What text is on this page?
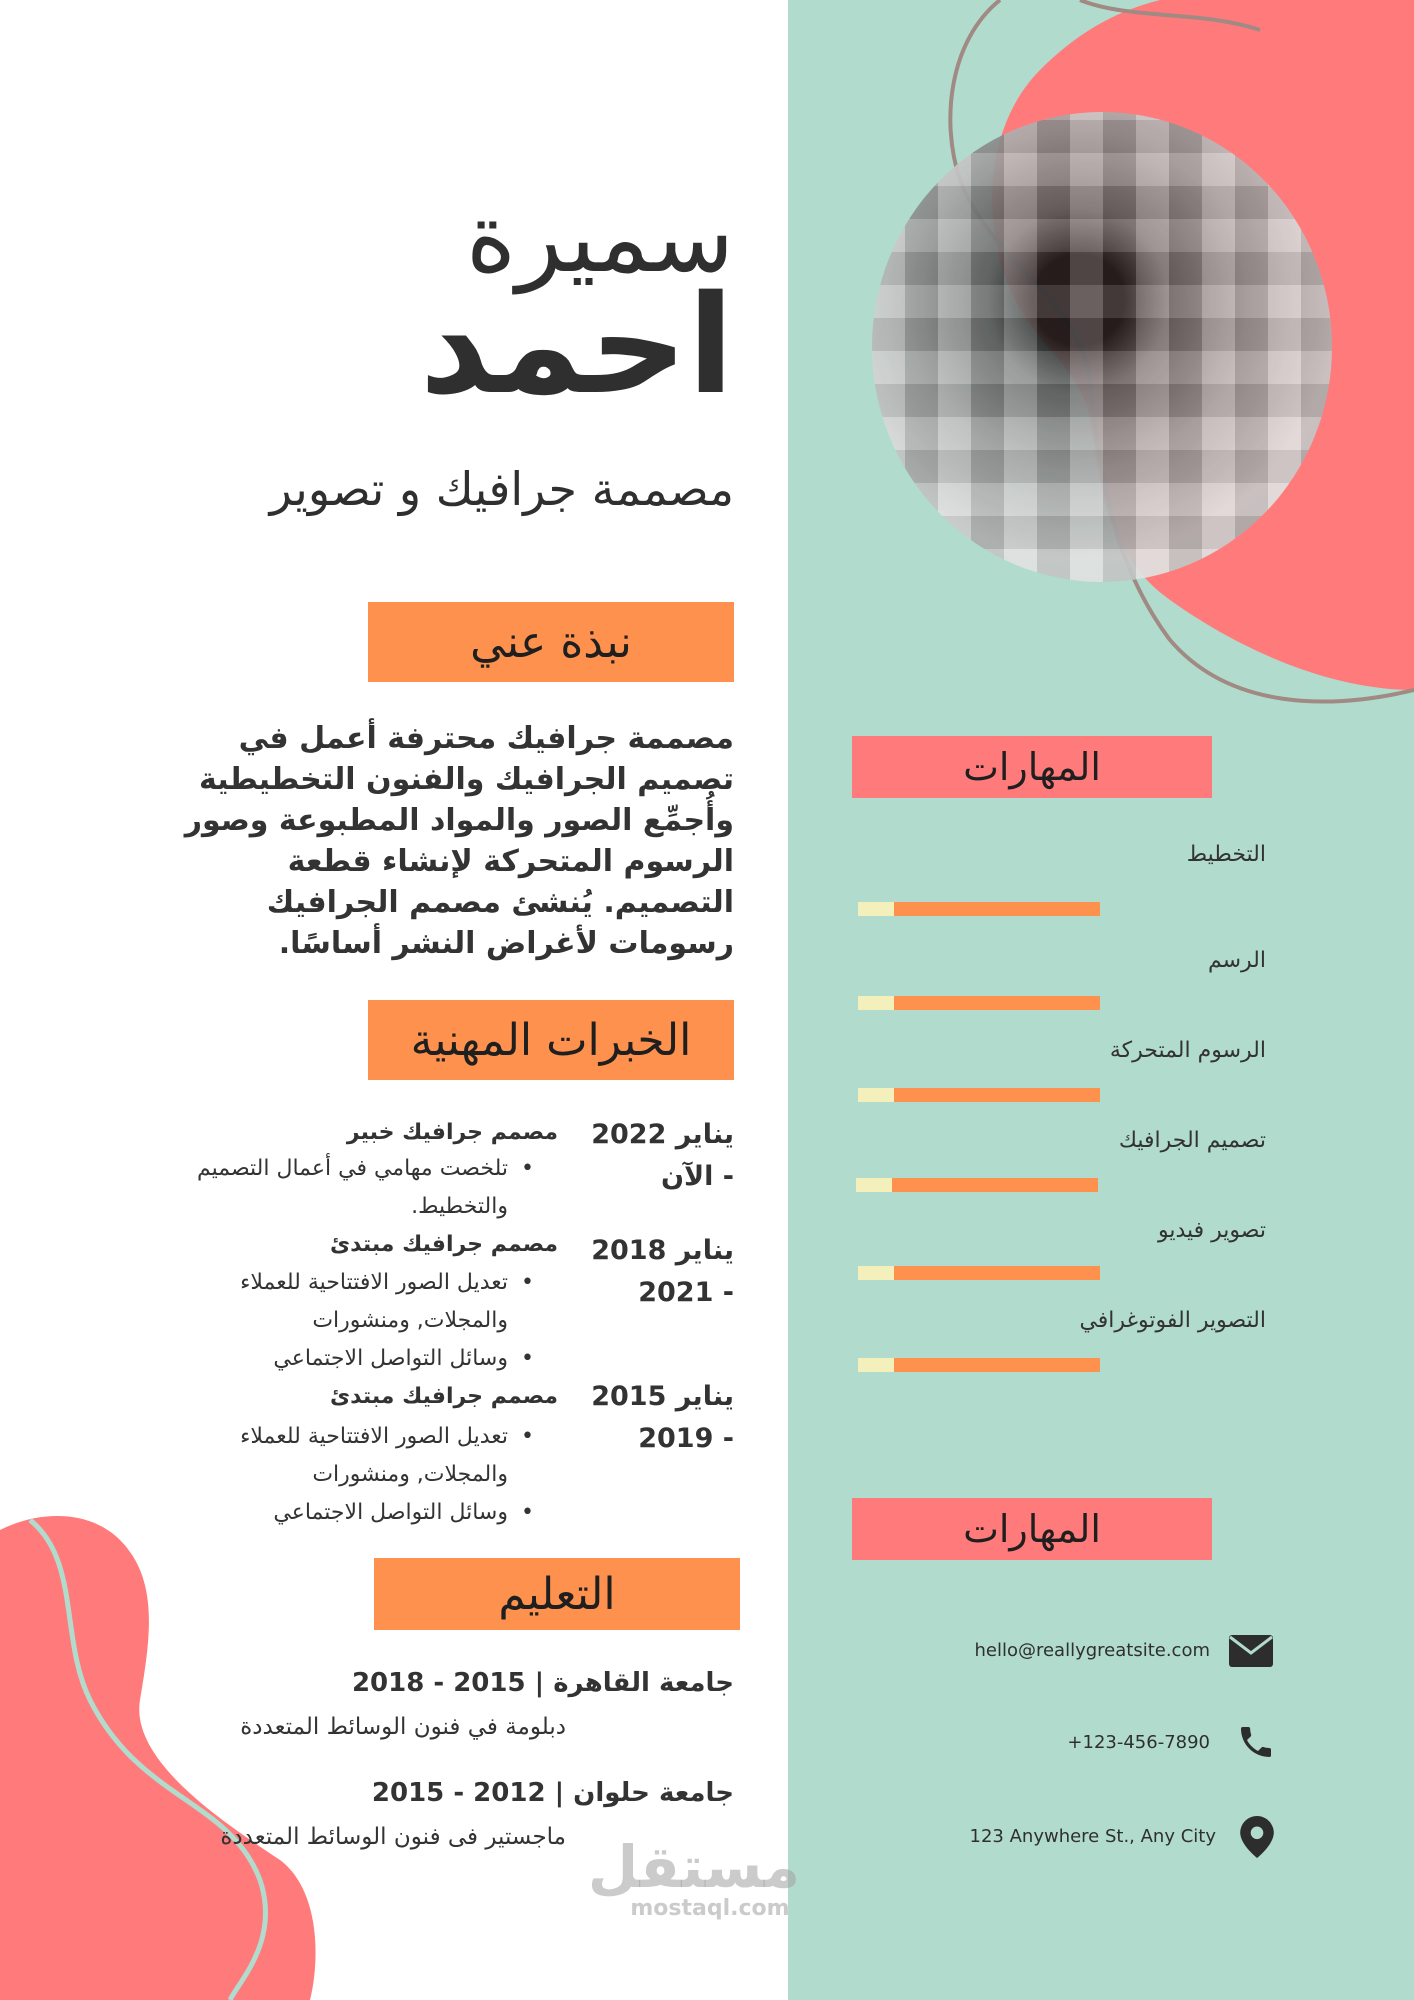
سميرة
احمد
مصممة جرافيك و تصوير
نبذة عني
مصممة جرافيك محترفة أعمل في تصميم الجرافيك والفنون التخطيطية وأُجمِّع الصور والمواد المطبوعة وصور الرسوم المتحركة لإنشاء قطعة التصميم. يُنشئ مصمم الجرافيك رسومات لأغراض النشر أساسًا.
الخبرات المهنية
يناير 2022 - الآن
مصمم جرافيك خبير
• تلخصت مهامي في أعمال التصميم والتخطيط.
يناير 2018 - 2021
مصمم جرافيك مبتدئ
• تعديل الصور الافتتاحية للعملاء والمجلات, ومنشورات
• وسائل التواصل الاجتماعي
يناير 2015 - 2019
مصمم جرافيك مبتدئ
• تعديل الصور الافتتاحية للعملاء والمجلات, ومنشورات
• وسائل التواصل الاجتماعي
التعليم
جامعة القاهرة | 2015 - 2018
دبلومة في فنون الوسائط المتعددة
جامعة حلوان | 2012 - 2015
ماجستير فى فنون الوسائط المتعددة
المهارات
التخطيط
الرسم
الرسوم المتحركة
تصميم الجرافيك
تصوير فيديو
التصوير الفوتوغرافي
المهارات
hello@reallygreatsite.com
+123-456-7890
123 Anywhere St., Any City
مستقل
mostaql.com
